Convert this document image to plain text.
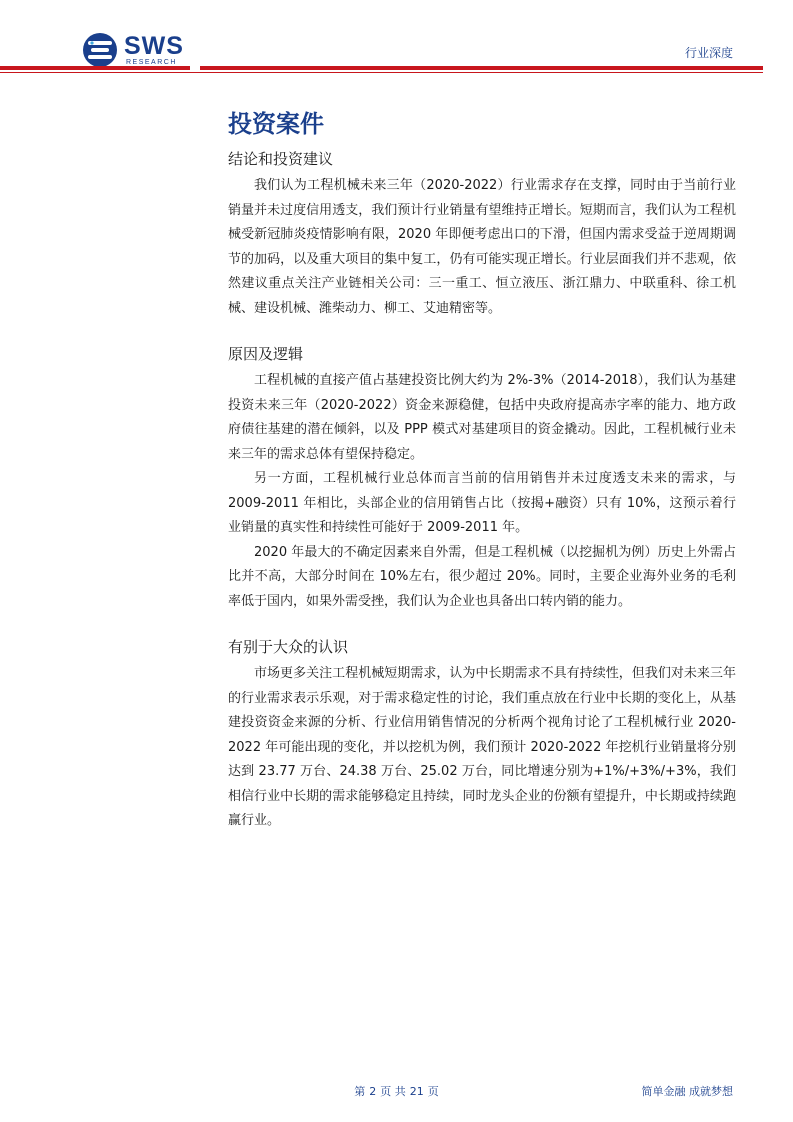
SWS
RESEARCH
行业深度
投资案件
结论和投资建议

我们认为工程机械未来三年（2020-2022）行业需求存在支撑，同时由于当前行业销量并未过度信用透支，我们预计行业销量有望维持正增长。短期而言，我们认为工程机械受新冠肺炎疫情影响有限，2020 年即便考虑出口的下滑，但国内需求受益于逆周期调节的加码，以及重大项目的集中复工，仍有可能实现正增长。行业层面我们并不悲观，依然建议重点关注产业链相关公司：三一重工、恒立液压、浙江鼎力、中联重科、徐工机械、建设机械、潍柴动力、柳工、艾迪精密等。

原因及逻辑

工程机械的直接产值占基建投资比例大约为 2%-3%（2014-2018），我们认为基建投资未来三年（2020-2022）资金来源稳健，包括中央政府提高赤字率的能力、地方政府债往基建的潜在倾斜，以及 PPP 模式对基建项目的资金撬动。因此，工程机械行业未来三年的需求总体有望保持稳定。

另一方面，工程机械行业总体而言当前的信用销售并未过度透支未来的需求，与2009-2011 年相比，头部企业的信用销售占比（按揭+融资）只有 10%，这预示着行业销量的真实性和持续性可能好于 2009-2011 年。

2020 年最大的不确定因素来自外需，但是工程机械（以挖掘机为例）历史上外需占比并不高，大部分时间在 10%左右，很少超过 20%。同时，主要企业海外业务的毛利率低于国内，如果外需受挫，我们认为企业也具备出口转内销的能力。

有别于大众的认识

市场更多关注工程机械短期需求，认为中长期需求不具有持续性，但我们对未来三年的行业需求表示乐观，对于需求稳定性的讨论，我们重点放在行业中长期的变化上，从基建投资资金来源的分析、行业信用销售情况的分析两个视角讨论了工程机械行业 2020-2022 年可能出现的变化，并以挖机为例，我们预计 2020-2022 年挖机行业销量将分别达到 23.77 万台、24.38 万台、25.02 万台，同比增速分别为+1%/+3%/+3%，我们相信行业中长期的需求能够稳定且持续，同时龙头企业的份额有望提升，中长期或持续跑赢行业。

第 2 页 共 21 页	简单金融 成就梦想
